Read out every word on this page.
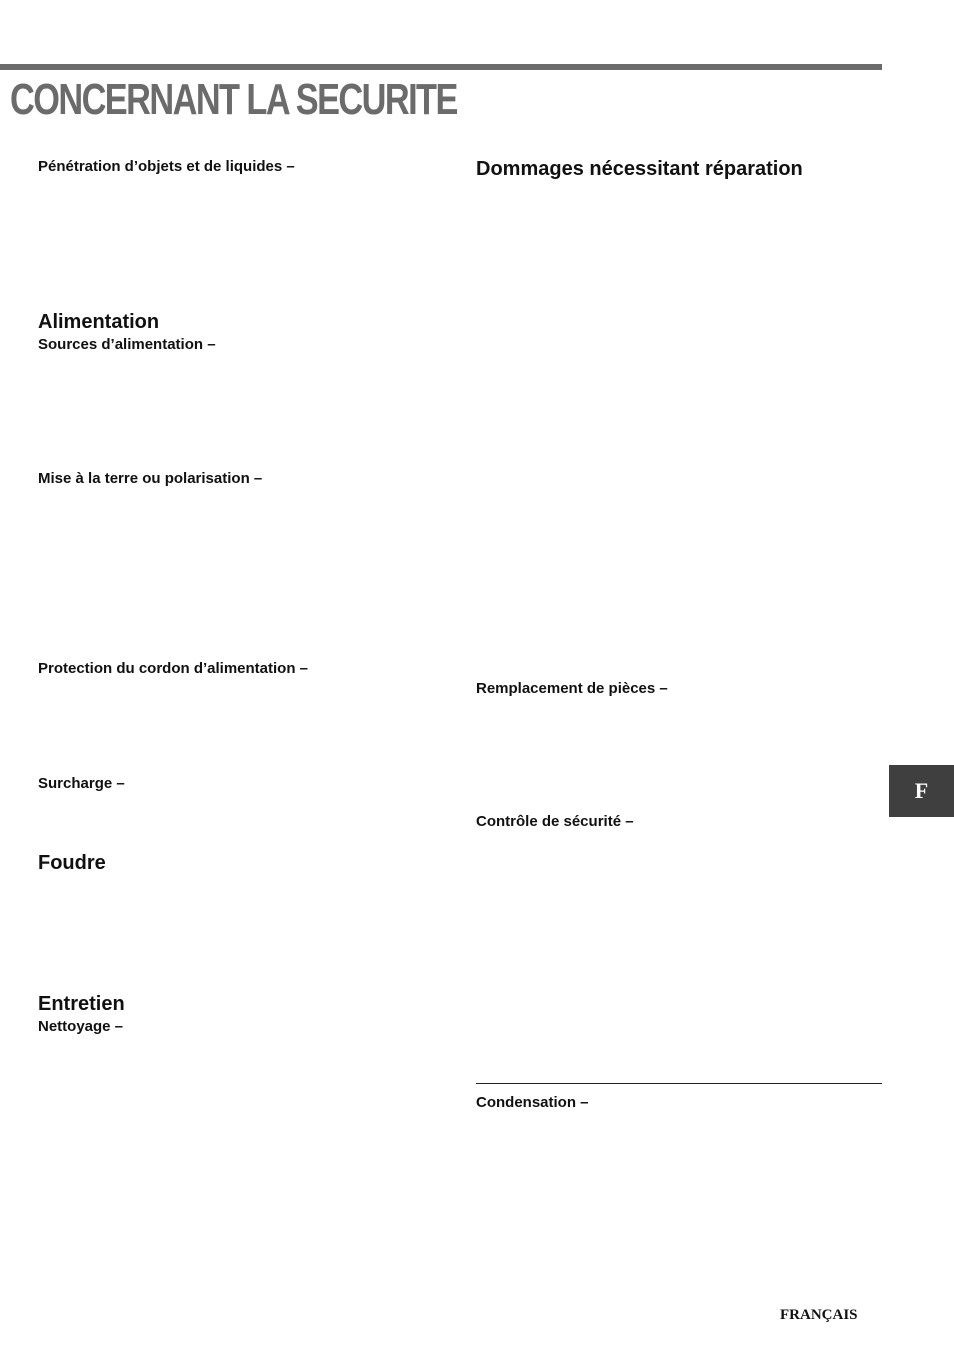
CONCERNANT LA SECURITE
Pénétration d’objets et de liquides –
Alimentation
Sources d’alimentation –
Mise à la terre ou polarisation –
Protection du cordon d’alimentation –
Surcharge –
Foudre
Entretien
Nettoyage –
Dommages nécessitant réparation
Remplacement de pièces –
Contrôle de sécurité –
Condensation –
F
FRANÇAIS
